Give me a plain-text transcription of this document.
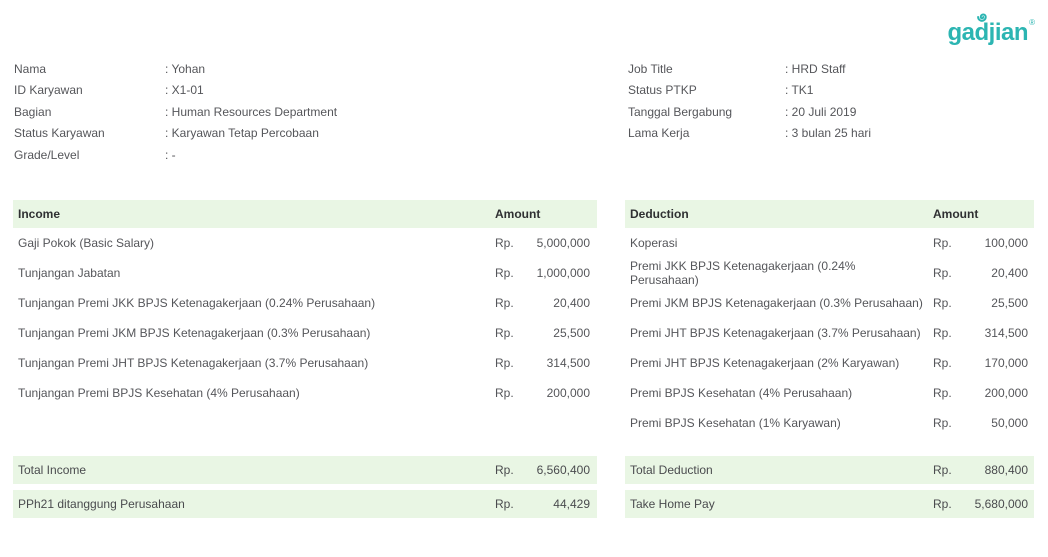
gadjian ®
Nama	: Yohan
ID Karyawan	: X1-01
Bagian	: Human Resources Department
Status Karyawan	: Karyawan Tetap Percobaan
Grade/Level	: -
Job Title	: HRD Staff
Status PTKP	: TK1
Tanggal Bergabung	: 20 Juli 2019
Lama Kerja	: 3 bulan 25 hari
Income	Amount
Gaji Pokok (Basic Salary)	Rp. 5,000,000
Tunjangan Jabatan	Rp. 1,000,000
Tunjangan Premi JKK BPJS Ketenagakerjaan (0.24% Perusahaan)	Rp.	20,400
Tunjangan Premi JKM BPJS Ketenagakerjaan (0.3% Perusahaan)	Rp.	25,500
Tunjangan Premi JHT BPJS Ketenagakerjaan (3.7% Perusahaan)	Rp.	314,500
Tunjangan Premi BPJS Kesehatan (4% Perusahaan)	Rp.	200,000
Total Income	Rp. 6,560,400
PPh21 ditanggung Perusahaan	Rp.	44,429
Deduction	Amount
Koperasi	Rp.	100,000
Premi JKK BPJS Ketenagakerjaan (0.24% Perusahaan)	Rp.	20,400
Premi JKM BPJS Ketenagakerjaan (0.3% Perusahaan) Rp.	25,500
Premi JHT BPJS Ketenagakerjaan (3.7% Perusahaan)	Rp.	314,500
Premi JHT BPJS Ketenagakerjaan (2% Karyawan)	Rp.	170,000
Premi BPJS Kesehatan (4% Perusahaan)	Rp.	200,000
Premi BPJS Kesehatan (1% Karyawan)	Rp.	50,000
Total Deduction	Rp.	880,400
Take Home Pay	Rp. 5,680,000
